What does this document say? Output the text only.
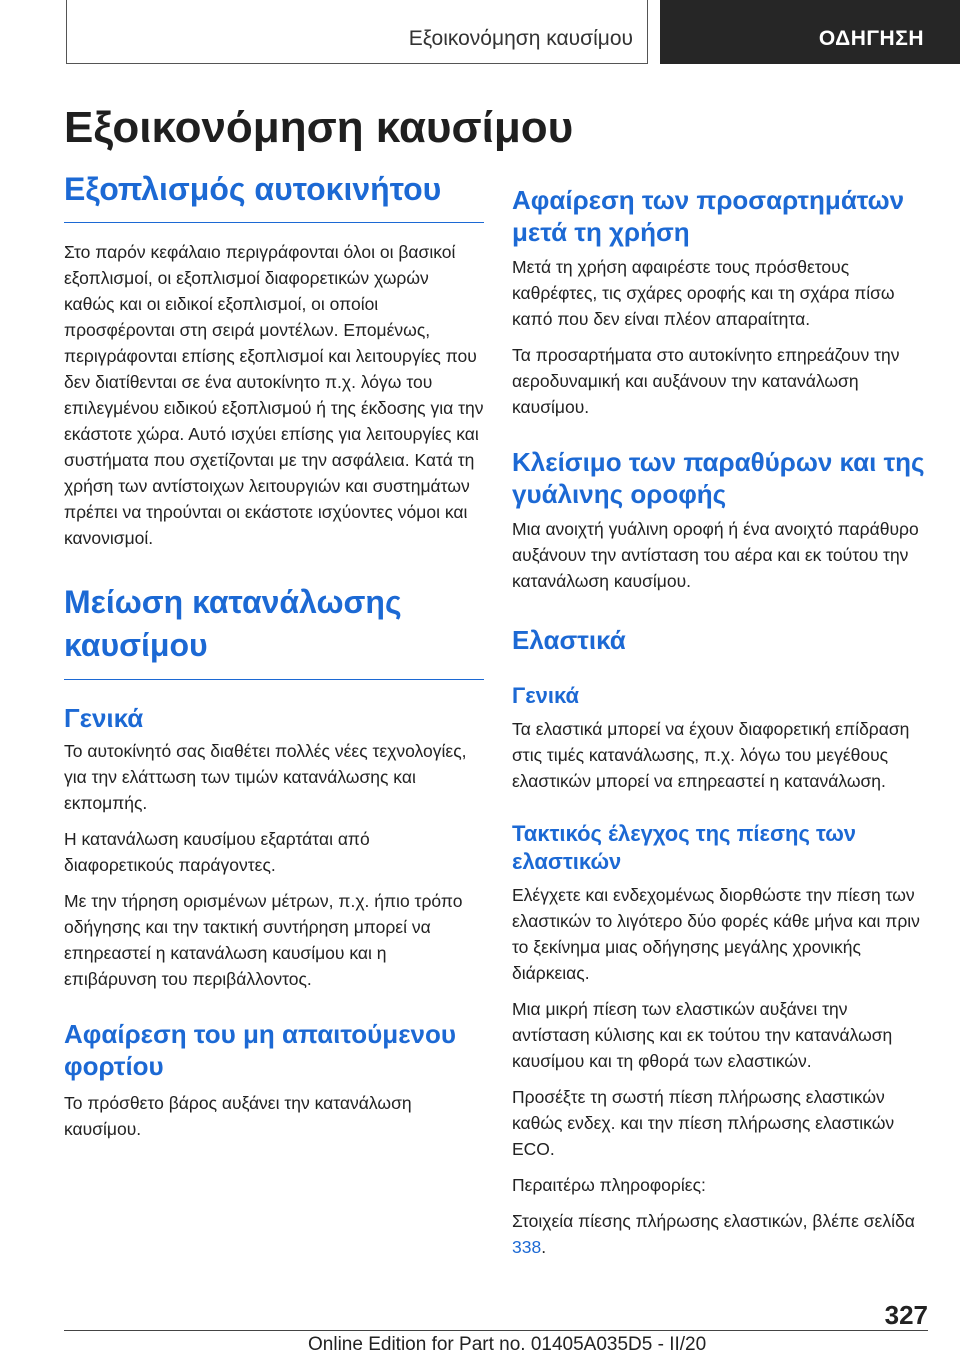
Εξοικονόμηση καυσίμου	ΟΔΗΓΗΣΗ
Εξοικονόμηση καυσίμου
Εξοπλισμός αυτοκινήτου

Στο παρόν κεφάλαιο περιγράφονται όλοι οι βασικοί εξοπλισμοί, οι εξοπλισμοί διαφορετικών χωρών καθώς και οι ειδικοί εξοπλισμοί, οι οποίοι προσφέρονται στη σειρά μοντέλων. Επομένως, περιγράφονται επίσης εξοπλισμοί και λειτουργίες που δεν διατίθενται σε ένα αυτοκίνητο π.χ. λόγω του επιλεγμένου ειδικού εξοπλισμού ή της έκδοσης για την εκάστοτε χώρα. Αυτό ισχύει επίσης για λειτουργίες και συστήματα που σχετίζονται με την ασφάλεια. Κατά τη χρήση των αντίστοιχων λειτουργιών και συστημάτων πρέπει να τηρούνται οι εκάστοτε ισχύοντες νόμοι και κανονισμοί.

Μείωση κατανάλωσης καυσίμου
Γενικά

Το αυτοκίνητό σας διαθέτει πολλές νέες τεχνολογίες, για την ελάττωση των τιμών κατανάλωσης και εκπομπής.

Η κατανάλωση καυσίμου εξαρτάται από διαφορετικούς παράγοντες.

Με την τήρηση ορισμένων μέτρων, π.χ. ήπιο τρόπο οδήγησης και την τακτική συντήρηση μπορεί να επηρεαστεί η κατανάλωση καυσίμου και η επιβάρυνση του περιβάλλοντος.

Αφαίρεση του μη απαιτούμενου φορτίου

Το πρόσθετο βάρος αυξάνει την κατανάλωση καυσίμου.

Αφαίρεση των προσαρτημάτων μετά τη χρήση

Μετά τη χρήση αφαιρέστε τους πρόσθετους καθρέφτες, τις σχάρες οροφής και τη σχάρα πίσω καπό που δεν είναι πλέον απαραίτητα.

Τα προσαρτήματα στο αυτοκίνητο επηρεάζουν την αεροδυναμική και αυξάνουν την κατανάλωση καυσίμου.

Κλείσιμο των παραθύρων και της γυάλινης οροφής

Μια ανοιχτή γυάλινη οροφή ή ένα ανοιχτό παράθυρο αυξάνουν την αντίσταση του αέρα και εκ τούτου την κατανάλωση καυσίμου.

Ελαστικά
Γενικά

Τα ελαστικά μπορεί να έχουν διαφορετική επίδραση στις τιμές κατανάλωσης, π.χ. λόγω του μεγέθους ελαστικών μπορεί να επηρεαστεί η κατανάλωση.

Τακτικός έλεγχος της πίεσης των ελαστικών

Ελέγχετε και ενδεχομένως διορθώστε την πίεση των ελαστικών το λιγότερο δύο φορές κάθε μήνα και πριν το ξεκίνημα μιας οδήγησης μεγάλης χρονικής διάρκειας.

Μια μικρή πίεση των ελαστικών αυξάνει την αντίσταση κύλισης και εκ τούτου την κατανάλωση καυσίμου και τη φθορά των ελαστικών.

Προσέξτε τη σωστή πίεση πλήρωσης ελαστικών καθώς ενδεχ. και την πίεση πλήρωσης ελαστικών ECO.

Περαιτέρω πληροφορίες:

Στοιχεία πίεσης πλήρωσης ελαστικών, βλέπε σελίδα 338.

327
Online Edition for Part no. 01405A035D5 - II/20
